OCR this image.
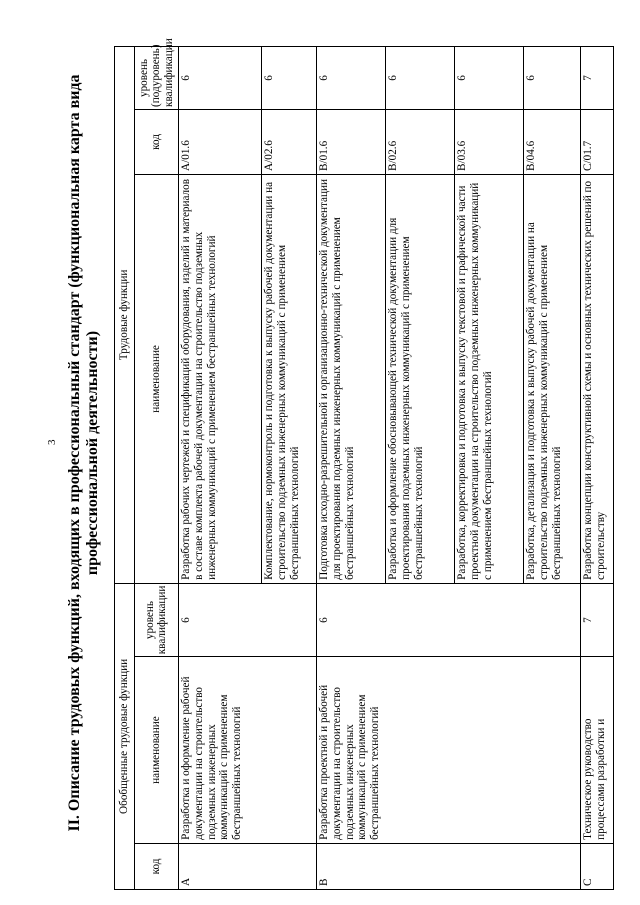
3 II. Описание трудовых функций, входящих в профессиональный стандарт (функциональная карта вида профессиональной деятельности)
Обобщенные трудовые функции			Трудовые функции		
код	наименование	уровень квалификации	наименование	код	уровень (подуровень) квалификации
A	Разработка и оформление рабочей документации на строительство подземных инженерных коммуникаций с применением бестраншейных технологий	6	Разработка рабочих чертежей и спецификаций оборудования, изделий и материалов в составе комплекта рабочей документации на строительство подземных инженерных коммуникаций с применением бестраншейных технологий	A/01.6	6
			Комплектование, нормоконтроль и подготовка к выпуску рабочей документации на строительство подземных инженерных коммуникаций с применением бестраншейных технологий	A/02.6	6
B	Разработка проектной и рабочей документации на строительство подземных инженерных коммуникаций с применением бестраншейных технологий	6	Подготовка исходно-разрешительной и организационно-технической документации для проектирования подземных инженерных коммуникаций с применением бестраншейных технологий	B/01.6	6
			Разработка и оформление обосновывающей технической документации для проектирования подземных инженерных коммуникаций с применением бестраншейных технологий	B/02.6	6
			Разработка, корректировка и подготовка к выпуску текстовой и графической части проектной документации на строительство подземных инженерных коммуникаций с применением бестраншейных технологий	B/03.6	6
			Разработка, детализация и подготовка к выпуску рабочей документации на строительство подземных инженерных коммуникаций с применением бестраншейных технологий	B/04.6	6
C	Техническое руководство процессами разработки и	7	Разработка концепции конструктивной схемы и основных технических решений по строительству	C/01.7	7
